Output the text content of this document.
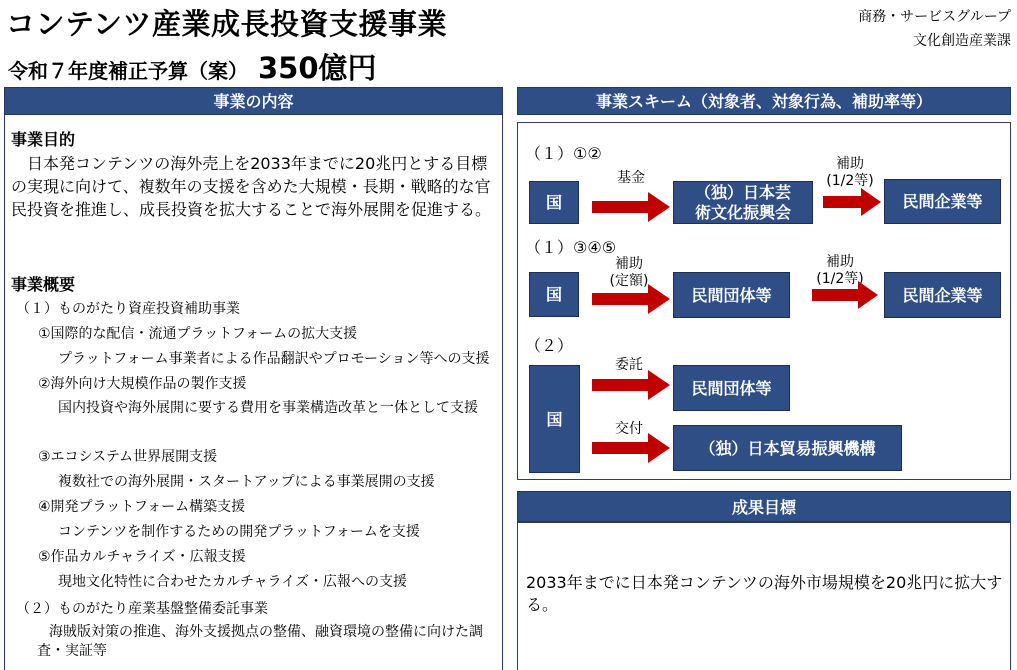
コンテンツ産業成長投資支援事業
令和７年度補正予算（案） 350億円
商務・サービスグループ
文化創造産業課
事業の内容
事業目的
日本発コンテンツの海外売上を2033年までに20兆円とする目標の実現に向けて、複数年の支援を含めた大規模・長期・戦略的な官民投資を推進し、成長投資を拡大することで海外展開を促進する。
事業概要
（１）ものがたり資産投資補助事業
①国際的な配信・流通プラットフォームの拡大支援
プラットフォーム事業者による作品翻訳やプロモーション等への支援
②海外向け大規模作品の製作支援
国内投資や海外展開に要する費用を事業構造改革と一体として支援
③エコシステム世界展開支援
複数社での海外展開・スタートアップによる事業展開の支援
④開発プラットフォーム構築支援
コンテンツを制作するための開発プラットフォームを支援
⑤作品カルチャライズ・広報支援
現地文化特性に合わせたカルチャライズ・広報への支援
（２）ものがたり産業基盤整備委託事業
海賊版対策の推進、海外支援拠点の整備、融資環境の整備に向けた調査・実証等
事業スキーム（対象者、対象行為、補助率等）
（１）①②
国
基金
（独）日本芸術文化振興会
補助
(1/2等)
民間企業等
（１）③④⑤
国
補助
(定額)
民間団体等
補助
(1/2等)
民間企業等
（２）
国
委託
民間団体等
交付
（独）日本貿易振興機構
成果目標
2033年までに日本発コンテンツの海外市場規模を20兆円に拡大する。
